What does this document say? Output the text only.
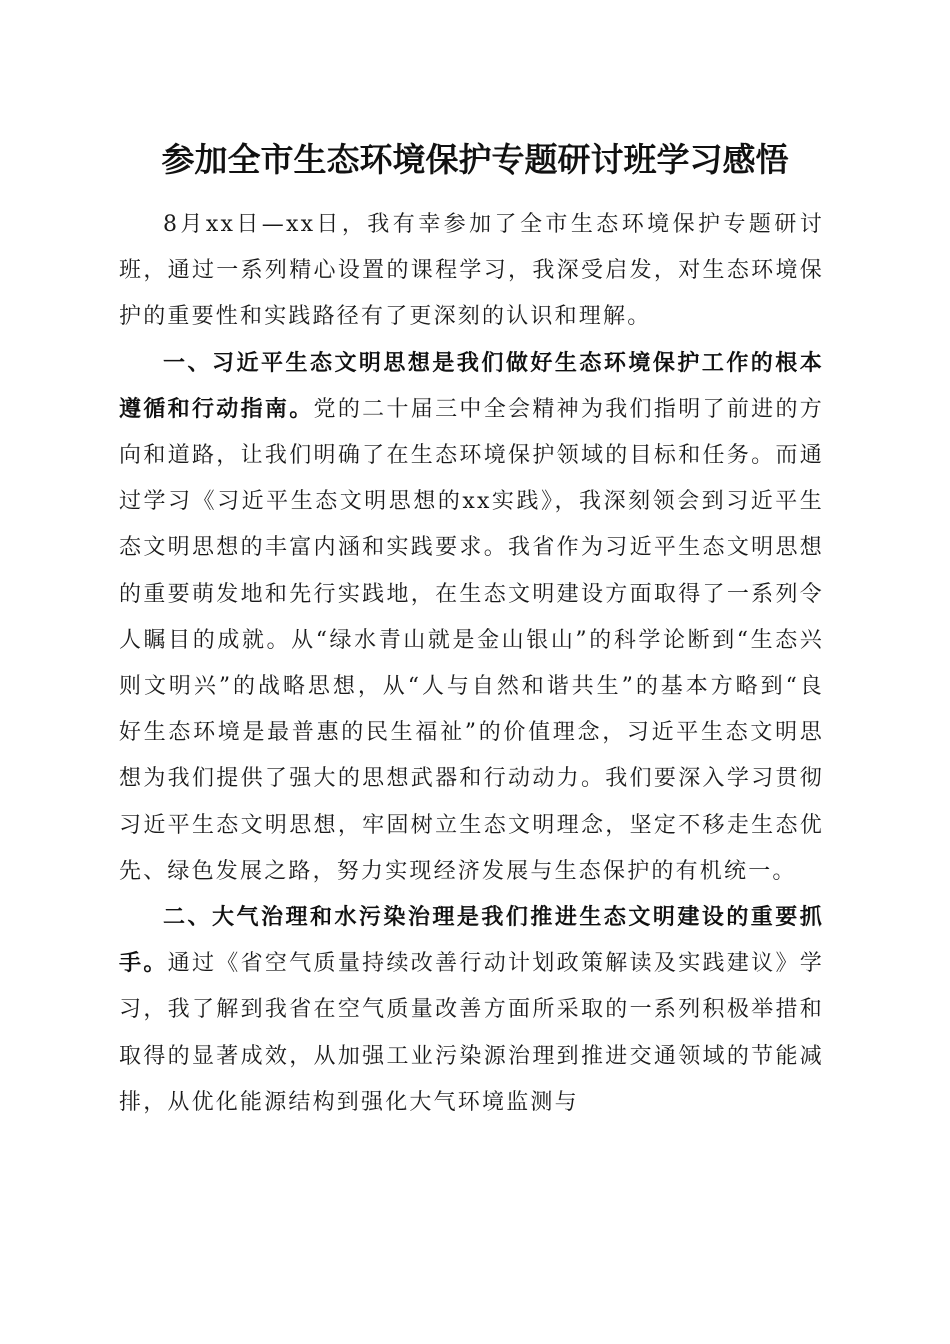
参加全市生态环境保护专题研讨班学习感悟

8月xx日—xx日，我有幸参加了全市生态环境保护专题研讨班，通过一系列精心设置的课程学习，我深受启发，对生态环境保护的重要性和实践路径有了更深刻的认识和理解。

一、习近平生态文明思想是我们做好生态环境保护工作的根本遵循和行动指南。党的二十届三中全会精神为我们指明了前进的方向和道路，让我们明确了在生态环境保护领域的目标和任务。而通过学习《习近平生态文明思想的xx实践》，我深刻领会到习近平生态文明思想的丰富内涵和实践要求。我省作为习近平生态文明思想的重要萌发地和先行实践地，在生态文明建设方面取得了一系列令人瞩目的成就。从“绿水青山就是金山银山”的科学论断到“生态兴则文明兴”的战略思想，从“人与自然和谐共生”的基本方略到“良好生态环境是最普惠的民生福祉”的价值理念，习近平生态文明思想为我们提供了强大的思想武器和行动动力。我们要深入学习贯彻习近平生态文明思想，牢固树立生态文明理念，坚定不移走生态优先、绿色发展之路，努力实现经济发展与生态保护的有机统一。

二、大气治理和水污染治理是我们推进生态文明建设的重要抓手。通过《省空气质量持续改善行动计划政策解读及实践建议》学习，我了解到我省在空气质量改善方面所采取的一系列积极举措和取得的显著成效，从加强工业污染源治理到推进交通领域的节能减排，从优化能源结构到强化大气环境监测与
